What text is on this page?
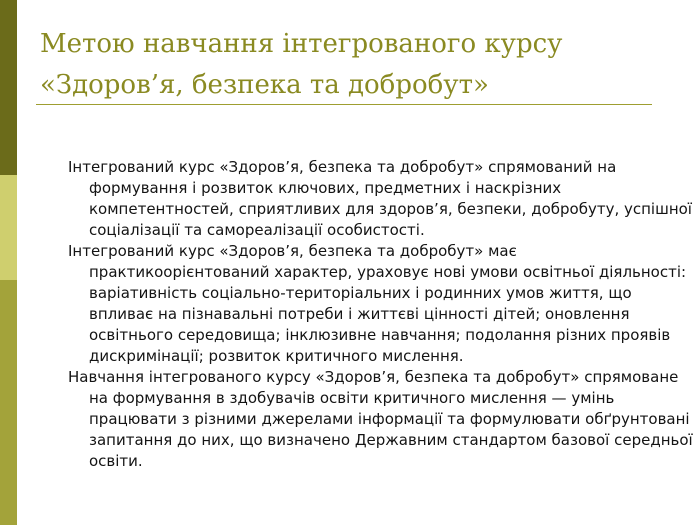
Метою навчання інтегрованого курсу
«Здоров’я, безпека та добробут»

Інтегрований курс «Здоров’я, безпека та добробут» спрямований на формування і розвиток ключових, предметних і наскрізних компетентностей, сприятливих для здоров’я, безпеки, добробуту, успішної соціалізації та самореалізації особистості.

Інтегрований курс «Здоров’я, безпека та добробут» має практикоорієнтований характер, ураховує нові умови освітньої діяльності: варіативність соціально-територіальних і родинних умов життя, що впливає на пізнавальні потреби і життєві цінності дітей; оновлення освітнього середовища; інклюзивне навчання; подолання різних проявів дискримінації; розвиток критичного мислення.

Навчання інтегрованого курсу «Здоров’я, безпека та добробут» спрямоване на формування в здобувачів освіти критичного мислення — умінь працювати з різними джерелами інформації та формулювати обґрунтовані запитання до них, що визначено Державним стандартом базової середньої освіти.
